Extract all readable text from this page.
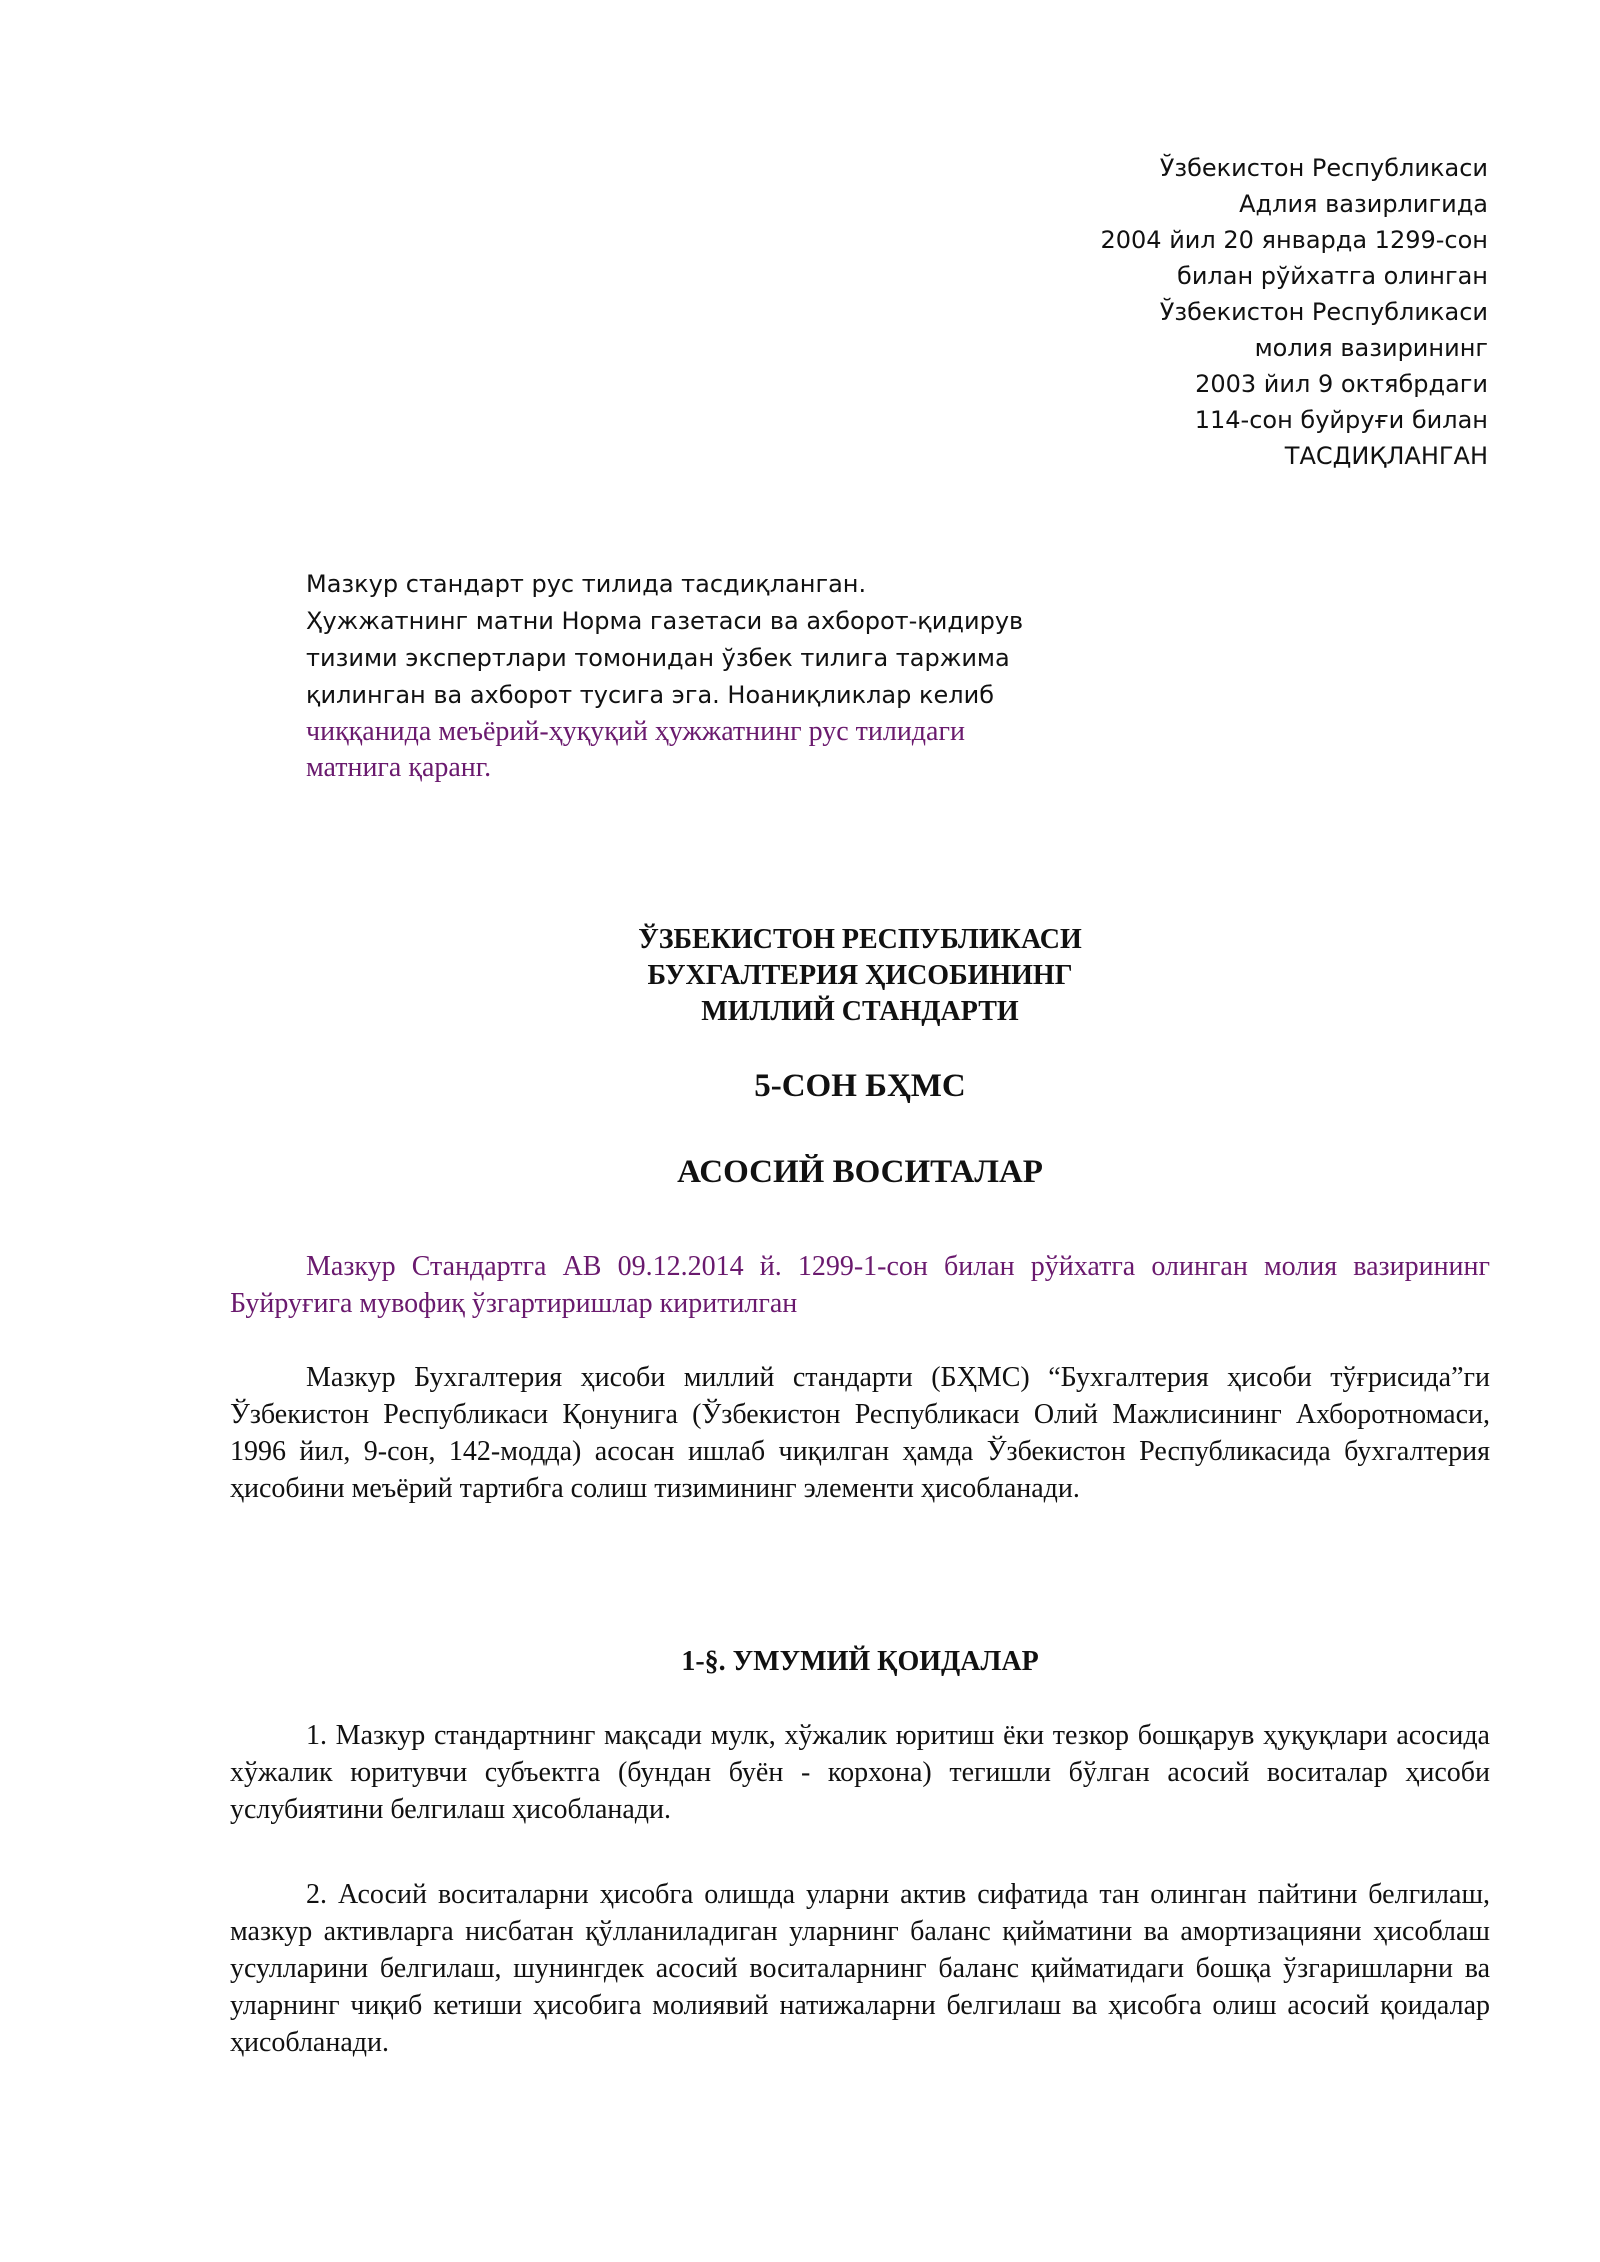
Ўзбекистон Республикаси
Адлия вазирлигида
2004 йил 20 январда 1299-сон
билан рўйхатга олинган
Ўзбекистон Республикаси
молия вазирининг
2003 йил 9 октябрдаги
114-сон буйруғи билан
ТАСДИҚЛАНГАН
Мазкур стандарт рус тилида тасдиқланган.
Ҳужжатнинг матни Норма газетаси ва ахборот-қидирув
тизими экспертлари томонидан ўзбек тилига таржима
қилинган ва ахборот тусига эга. Ноаниқликлар келиб
чиққанида меъёрий-ҳуқуқий ҳужжатнинг рус тилидаги
матнига қаранг.
ЎЗБЕКИСТОН РЕСПУБЛИКАСИ
БУХГАЛТЕРИЯ ҲИСОБИНИНГ
МИЛЛИЙ СТАНДАРТИ
5-СОН БҲМС
АСОСИЙ ВОСИТАЛАР
Мазкур Стандартга АВ 09.12.2014 й. 1299-1-сон билан рўйхатга олинган молия вазирининг Буйруғига мувофиқ ўзгартиришлар киритилган
Мазкур Бухгалтерия ҳисоби миллий стандарти (БҲМС) “Бухгалтерия ҳисоби тўғрисида”ги Ўзбекистон Республикаси Қонунига (Ўзбекистон Республикаси Олий Мажлисининг Ахборотномаси, 1996 йил, 9-сон, 142-модда) асосан ишлаб чиқилган ҳамда Ўзбекистон Республикасида бухгалтерия ҳисобини меъёрий тартибга солиш тизимининг элементи ҳисобланади.
1-§. УМУМИЙ ҚОИДАЛАР
1. Мазкур стандартнинг мақсади мулк, хўжалик юритиш ёки тезкор бошқарув ҳуқуқлари асосида хўжалик юритувчи субъектга (бундан буён - корхона) тегишли бўлган асосий воситалар ҳисоби услубиятини белгилаш ҳисобланади.
2. Асосий воситаларни ҳисобга олишда уларни актив сифатида тан олинган пайтини белгилаш, мазкур активларга нисбатан қўлланиладиган уларнинг баланс қийматини ва амортизацияни ҳисоблаш усулларини белгилаш, шунингдек асосий воситаларнинг баланс қийматидаги бошқа ўзгаришларни ва уларнинг чиқиб кетиши ҳисобига молиявий натижаларни белгилаш ва ҳисобга олиш асосий қоидалар ҳисобланади.
